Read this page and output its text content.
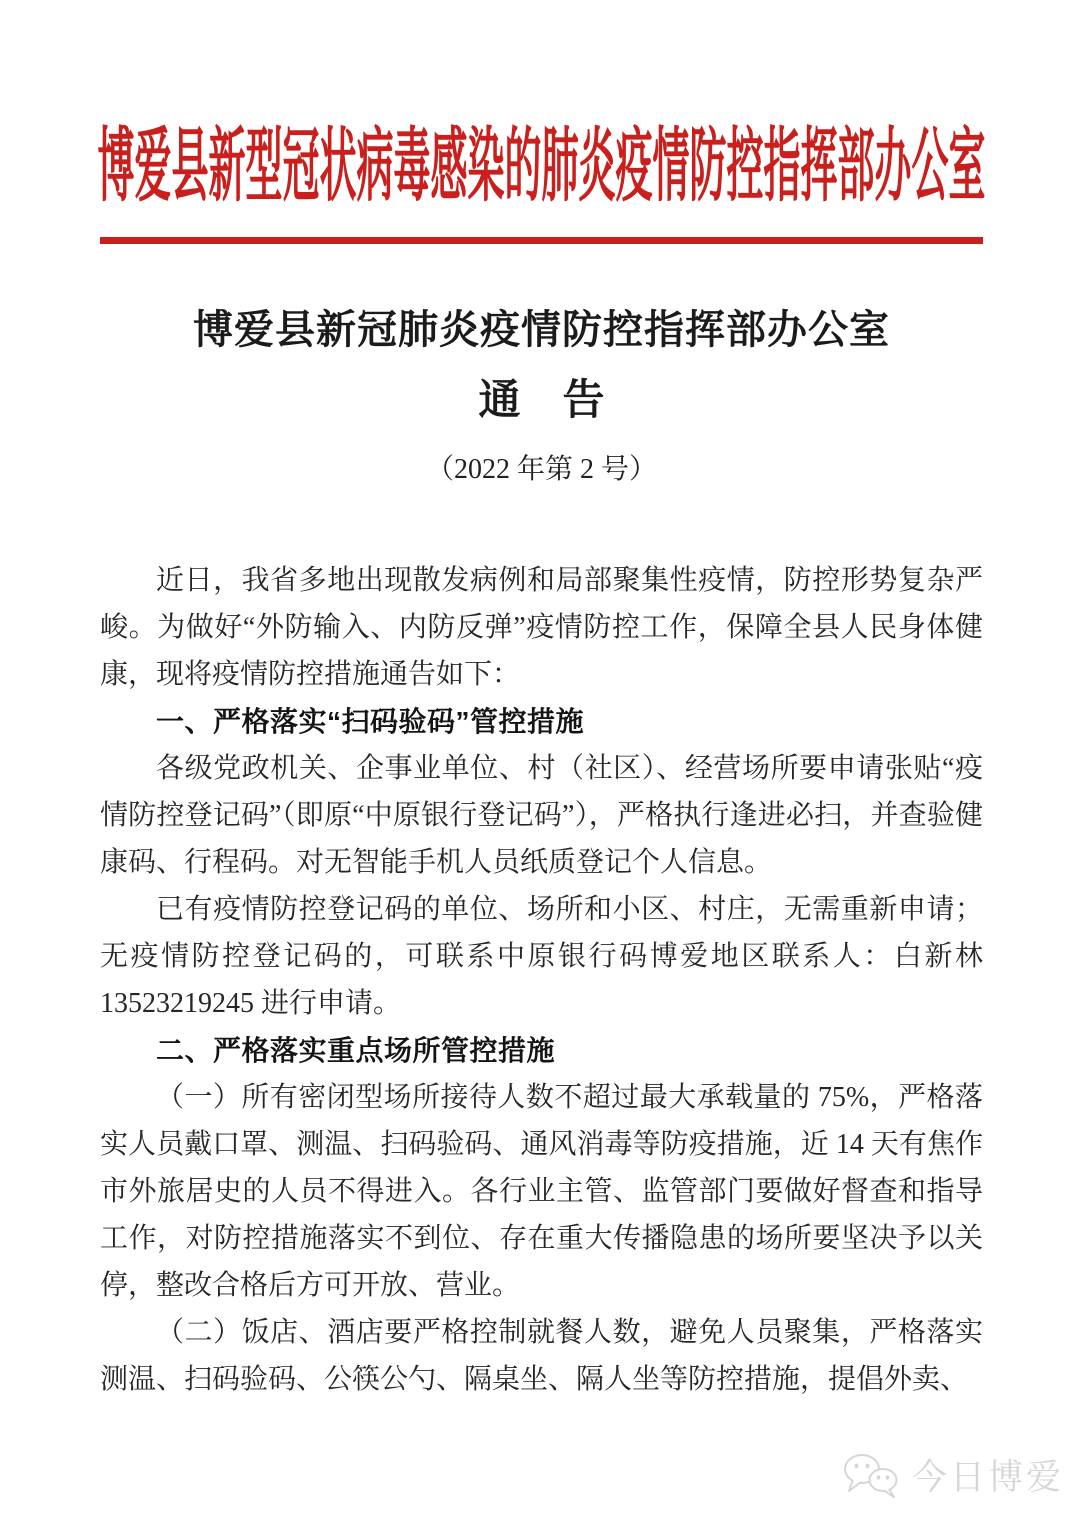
博爱县新型冠状病毒感染的肺炎疫情防控指挥部办公室
博爱县新冠肺炎疫情防控指挥部办公室
通　告
（2022 年第 2 号）
近日，我省多地出现散发病例和局部聚集性疫情，防控形势复杂严峻。为做好“外防输入、内防反弹”疫情防控工作，保障全县人民身体健康，现将疫情防控措施通告如下：
一、严格落实“扫码验码”管控措施
各级党政机关、企事业单位、村（社区）、经营场所要申请张贴“疫情防控登记码”（即原“中原银行登记码”），严格执行逢进必扫，并查验健康码、行程码。对无智能手机人员纸质登记个人信息。
已有疫情防控登记码的单位、场所和小区、村庄，无需重新申请；无疫情防控登记码的，可联系中原银行码博爱地区联系人：白新林 13523219245 进行申请。
二、严格落实重点场所管控措施
（一）所有密闭型场所接待人数不超过最大承载量的 75%，严格落实人员戴口罩、测温、扫码验码、通风消毒等防疫措施，近 14 天有焦作市外旅居史的人员不得进入。各行业主管、监管部门要做好督查和指导工作，对防控措施落实不到位、存在重大传播隐患的场所要坚决予以关停，整改合格后方可开放、营业。
（二）饭店、酒店要严格控制就餐人数，避免人员聚集，严格落实测温、扫码验码、公筷公勺、隔桌坐、隔人坐等防控措施，提倡外卖、
今日博爱
